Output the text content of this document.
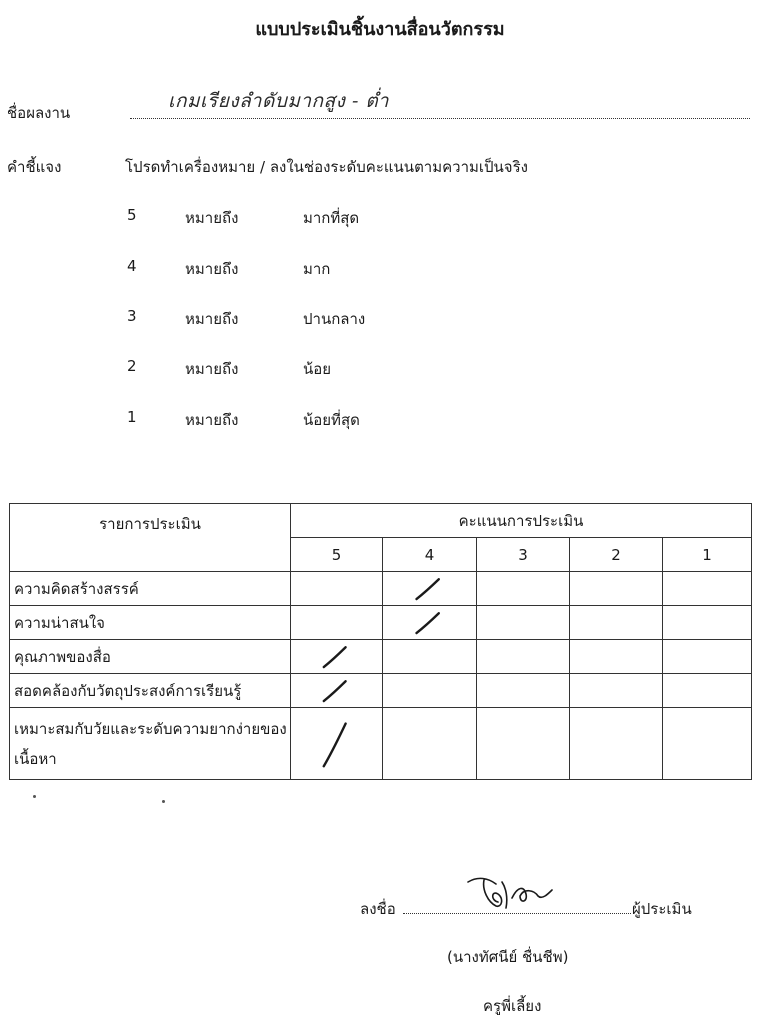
แบบประเมินชิ้นงานสื่อนวัตกรรม
ชื่อผลงาน
เกมเรียงลำดับมากสูง - ต่ำ
คำชี้แจง	โปรดทำเครื่องหมาย / ลงในช่องระดับคะแนนตามความเป็นจริง
5	หมายถึง	มากที่สุด
4	หมายถึง	มาก
3	หมายถึง	ปานกลาง
2	หมายถึง	น้อย
1	หมายถึง	น้อยที่สุด
รายการประเมิน	คะแนนการประเมิน				
	5	4	3	2	1
ความคิดสร้างสรรค์		

ความน่าสนใจ		

คุณภาพของสื่อ	

สอดคล้องกับวัตถุประสงค์การเรียนรู้	

เหมาะสมกับวัยและระดับความยากง่ายของเนื้อหา	

ลงชื่อ	ผู้ประเมิน
(นางทัศนีย์ ชื่นชีพ)
ครูพี่เลี้ยง
